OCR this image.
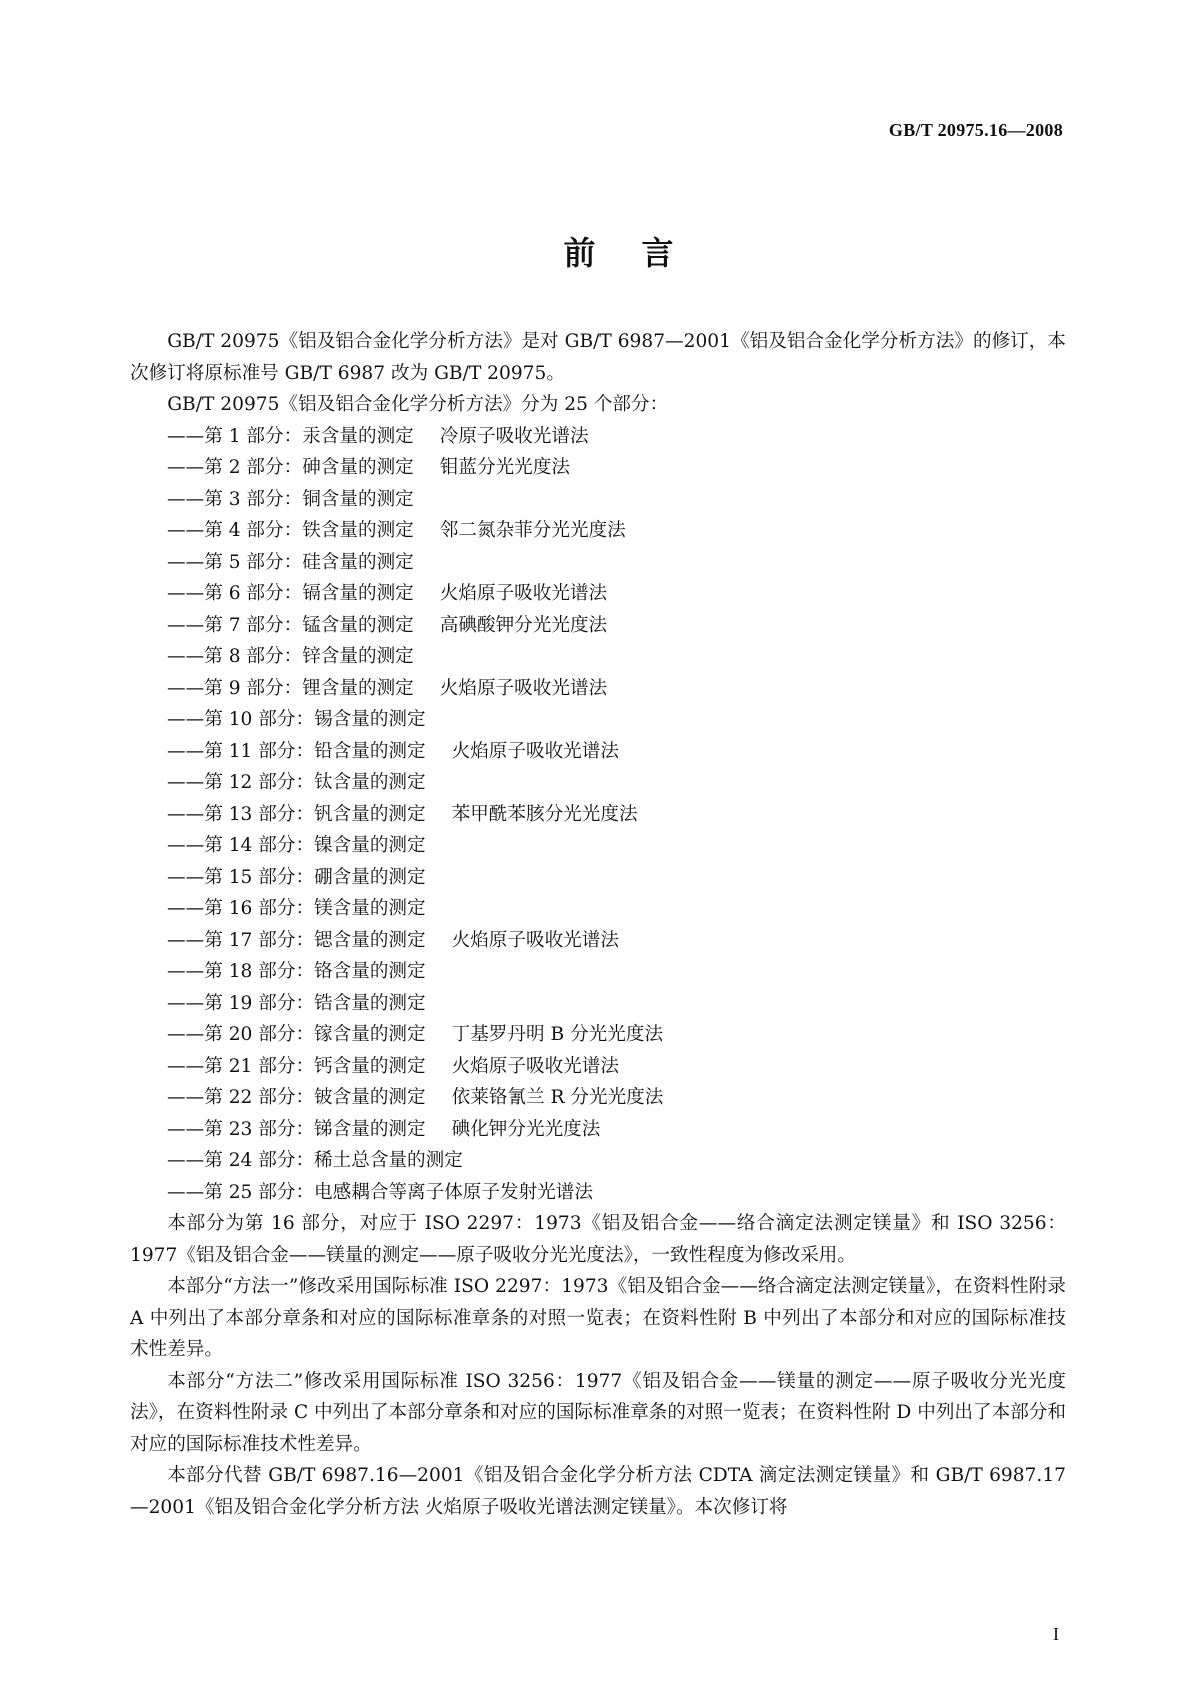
GB/T 20975.16—2008
前言

GB/T 20975《铝及铝合金化学分析方法》是对 GB/T 6987—2001《铝及铝合金化学分析方法》的修订，本次修订将原标准号 GB/T 6987 改为 GB/T 20975。

GB/T 20975《铝及铝合金化学分析方法》分为 25 个部分：

——第 1 部分：汞含量的测定 冷原子吸收光谱法
——第 2 部分：砷含量的测定 钼蓝分光光度法
——第 3 部分：铜含量的测定
——第 4 部分：铁含量的测定 邻二氮杂菲分光光度法
——第 5 部分：硅含量的测定
——第 6 部分：镉含量的测定 火焰原子吸收光谱法
——第 7 部分：锰含量的测定 高碘酸钾分光光度法
——第 8 部分：锌含量的测定
——第 9 部分：锂含量的测定 火焰原子吸收光谱法
——第 10 部分：锡含量的测定
——第 11 部分：铅含量的测定 火焰原子吸收光谱法
——第 12 部分：钛含量的测定
——第 13 部分：钒含量的测定 苯甲酰苯胲分光光度法
——第 14 部分：镍含量的测定
——第 15 部分：硼含量的测定
——第 16 部分：镁含量的测定
——第 17 部分：锶含量的测定 火焰原子吸收光谱法
——第 18 部分：铬含量的测定
——第 19 部分：锆含量的测定
——第 20 部分：镓含量的测定 丁基罗丹明 B 分光光度法
——第 21 部分：钙含量的测定 火焰原子吸收光谱法
——第 22 部分：铍含量的测定 依莱铬氰兰 R 分光光度法
——第 23 部分：锑含量的测定 碘化钾分光光度法
——第 24 部分：稀土总含量的测定
——第 25 部分：电感耦合等离子体原子发射光谱法

本部分为第 16 部分，对应于 ISO 2297：1973《铝及铝合金——络合滴定法测定镁量》和 ISO 3256：1977《铝及铝合金——镁量的测定——原子吸收分光光度法》，一致性程度为修改采用。

本部分“方法一”修改采用国际标准 ISO 2297：1973《铝及铝合金——络合滴定法测定镁量》，在资料性附录 A 中列出了本部分章条和对应的国际标准章条的对照一览表；在资料性附 B 中列出了本部分和对应的国际标准技术性差异。

本部分“方法二”修改采用国际标准 ISO 3256：1977《铝及铝合金——镁量的测定——原子吸收分光光度法》，在资料性附录 C 中列出了本部分章条和对应的国际标准章条的对照一览表；在资料性附 D 中列出了本部分和对应的国际标准技术性差异。

本部分代替 GB/T 6987.16—2001《铝及铝合金化学分析方法 CDTA 滴定法测定镁量》和 GB/T 6987.17—2001《铝及铝合金化学分析方法 火焰原子吸收光谱法测定镁量》。本次修订将

I
